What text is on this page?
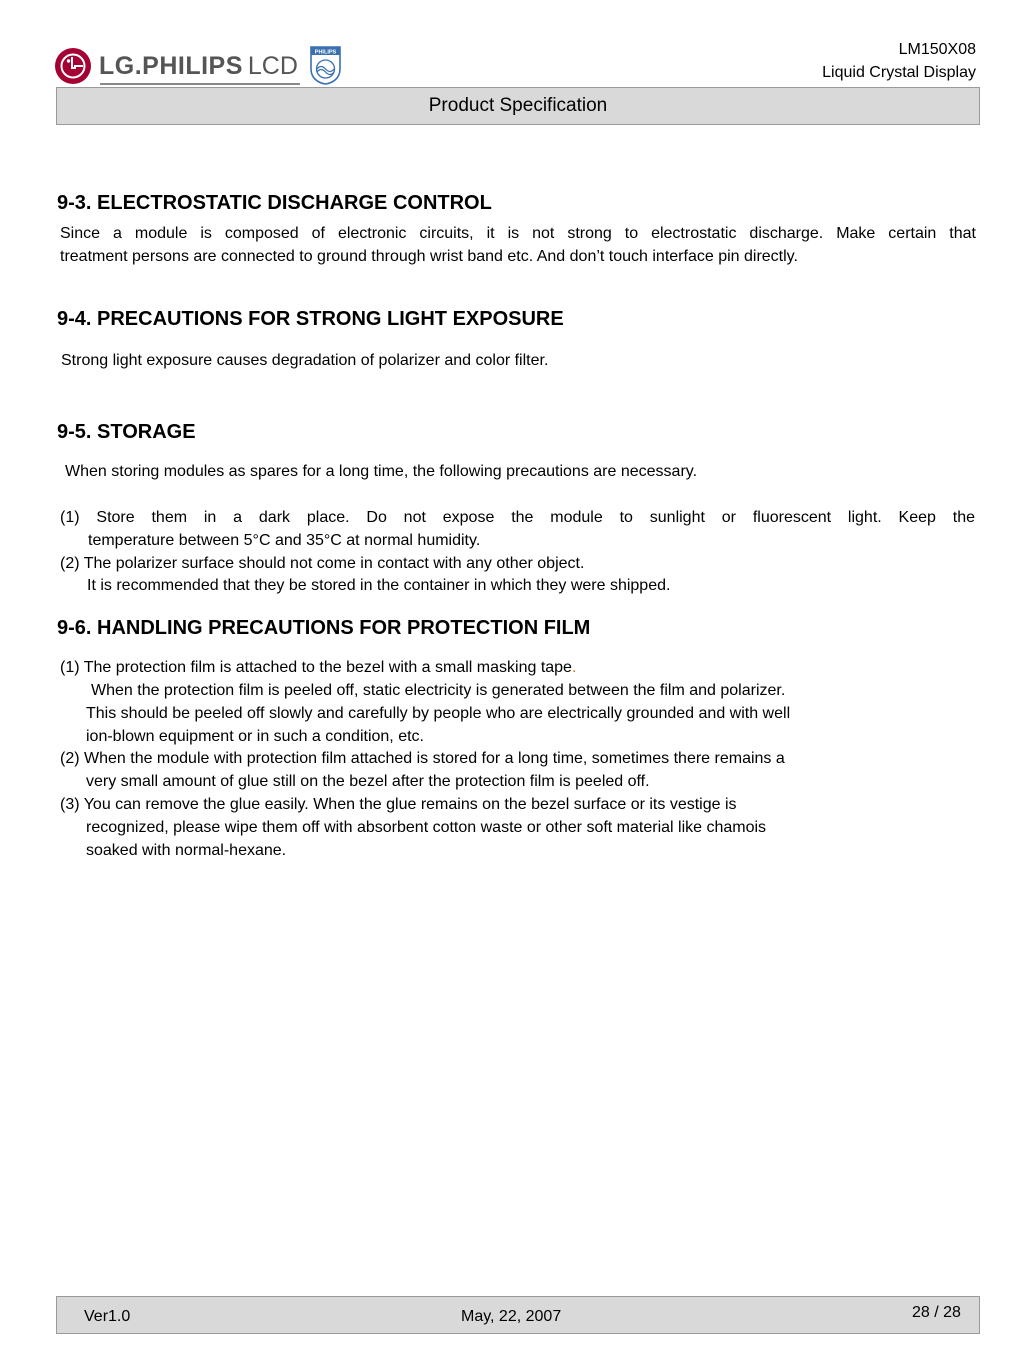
LG.PHILIPS LCD	PHILIPS	LM150X08
Liquid Crystal Display
Product Specification
9-3. ELECTROSTATIC DISCHARGE CONTROL

Since a module is composed of electronic circuits, it is not strong to electrostatic discharge. Make certain that

treatment persons are connected to ground through wrist band etc. And don’t touch interface pin directly.

9-4. PRECAUTIONS FOR STRONG LIGHT EXPOSURE

Strong light exposure causes degradation of polarizer and color filter.

9-5. STORAGE

When storing modules as spares for a long time, the following precautions are necessary.

(1) Store them in a dark place. Do not expose the module to sunlight or fluorescent light. Keep the

temperature between 5°C and 35°C at normal humidity.

(2) The polarizer surface should not come in contact with any other object.

It is recommended that they be stored in the container in which they were shipped.

9-6. HANDLING PRECAUTIONS FOR PROTECTION FILM

(1) The protection film is attached to the bezel with a small masking tape.

When the protection film is peeled off, static electricity is generated between the film and polarizer.

This should be peeled off slowly and carefully by people who are electrically grounded and with well

ion-blown equipment or in such a condition, etc.

(2) When the module with protection film attached is stored for a long time, sometimes there remains a

very small amount of glue still on the bezel after the protection film is peeled off.

(3) You can remove the glue easily. When the glue remains on the bezel surface or its vestige is

recognized, please wipe them off with absorbent cotton waste or other soft material like chamois

soaked with normal-hexane.

Ver1.0	May, 22, 2007	28 / 28
